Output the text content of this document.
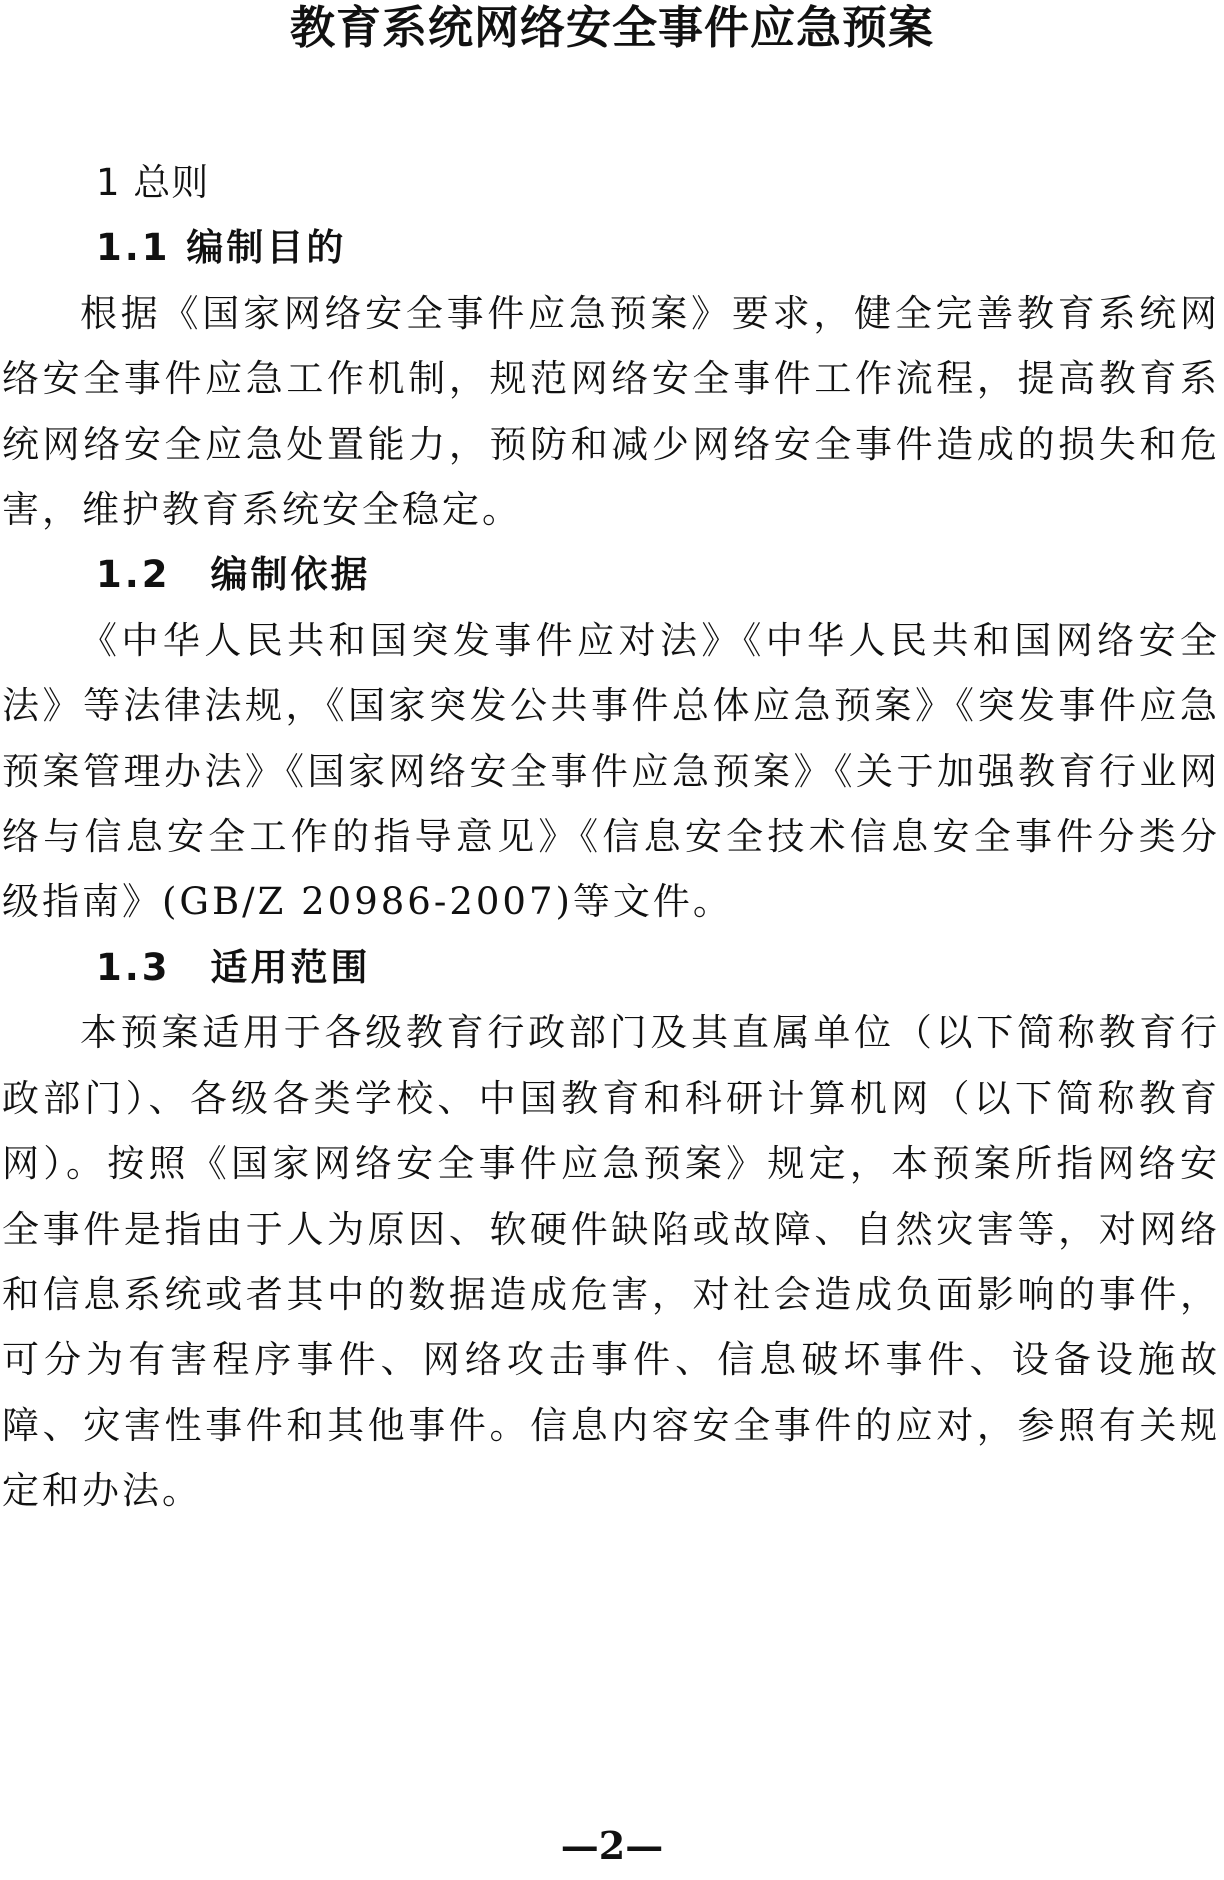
教育系统网络安全事件应急预案

1 总则

1.1 编制目的

根据《国家网络安全事件应急预案》要求，健全完善教育系统网络安全事件应急工作机制，规范网络安全事件工作流程，提高教育系统网络安全应急处置能力，预防和减少网络安全事件造成的损失和危害，维护教育系统安全稳定。

1.2　编制依据

《中华人民共和国突发事件应对法》《中华人民共和国网络安全法》等法律法规，《国家突发公共事件总体应急预案》《突发事件应急预案管理办法》《国家网络安全事件应急预案》《关于加强教育行业网络与信息安全工作的指导意见》《信息安全技术信息安全事件分类分级指南》(GB/Z 20986-2007)等文件。

1.3　适用范围

本预案适用于各级教育行政部门及其直属单位（以下简称教育行政部门）、各级各类学校、中国教育和科研计算机网（以下简称教育网）。按照《国家网络安全事件应急预案》规定，本预案所指网络安全事件是指由于人为原因、软硬件缺陷或故障、自然灾害等，对网络和信息系统或者其中的数据造成危害，对社会造成负面影响的事件，可分为有害程序事件、网络攻击事件、信息破坏事件、设备设施故障、灾害性事件和其他事件。信息内容安全事件的应对，参照有关规定和办法。

—2—
